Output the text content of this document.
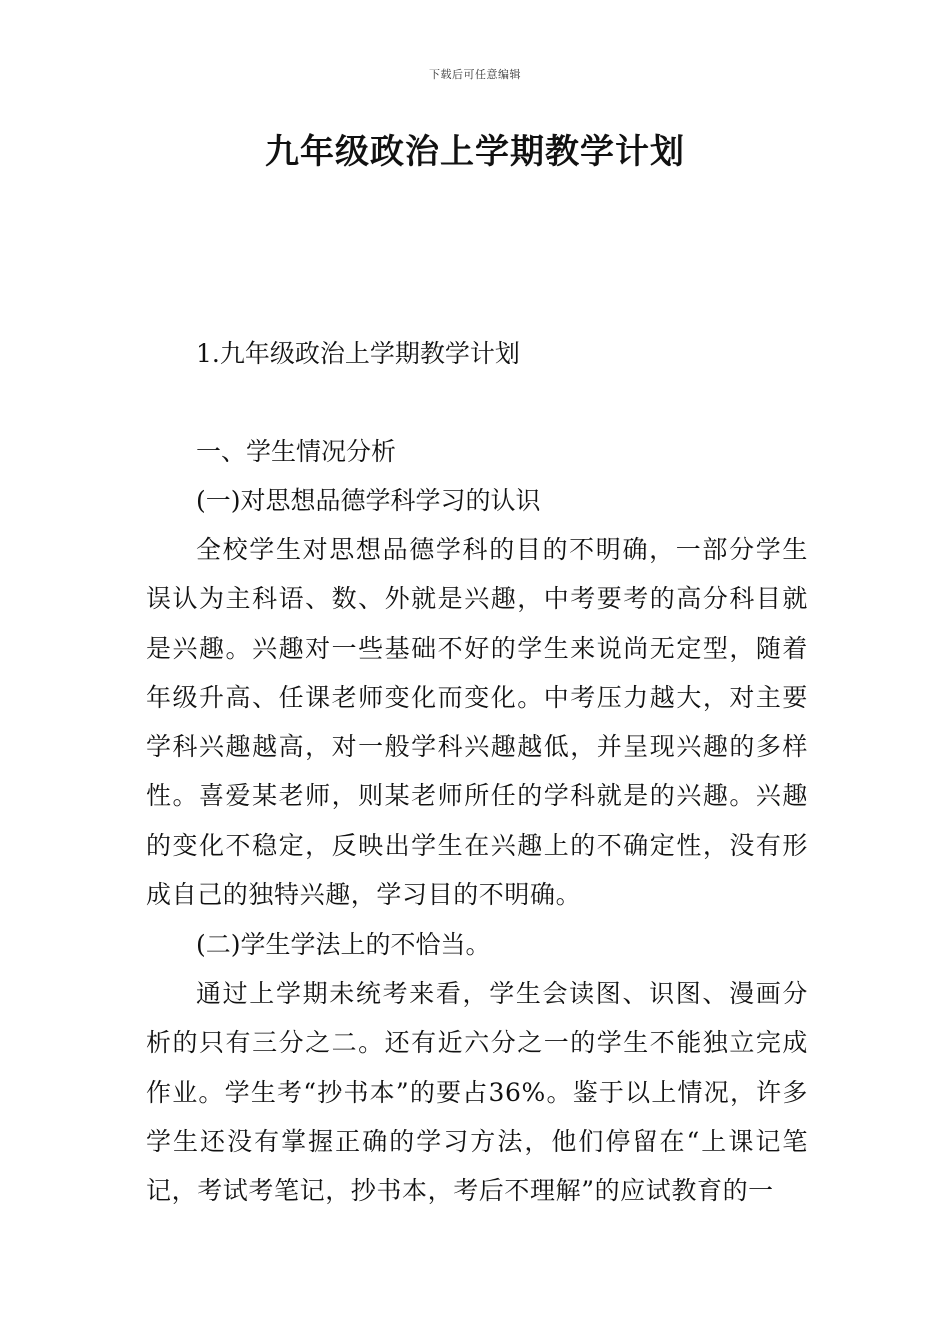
下载后可任意编辑
九年级政治上学期教学计划
1.九年级政治上学期教学计划
一、学生情况分析
(一)对思想品德学科学习的认识
全校学生对思想品德学科的目的不明确，一部分学生误认为主科语、数、外就是兴趣，中考要考的高分科目就是兴趣。兴趣对一些基础不好的学生来说尚无定型，随着年级升高、任课老师变化而变化。中考压力越大，对主要学科兴趣越高，对一般学科兴趣越低，并呈现兴趣的多样性。喜爱某老师，则某老师所任的学科就是的兴趣。兴趣的变化不稳定，反映出学生在兴趣上的不确定性，没有形成自己的独特兴趣，学习目的不明确。
(二)学生学法上的不恰当。
通过上学期未统考来看，学生会读图、识图、漫画分析的只有三分之二。还有近六分之一的学生不能独立完成作业。学生考“抄书本”的要占36%。鉴于以上情况，许多学生还没有掌握正确的学习方法，他们停留在“上课记笔记，考试考笔记，抄书本，考后不理解”的应试教育的一
